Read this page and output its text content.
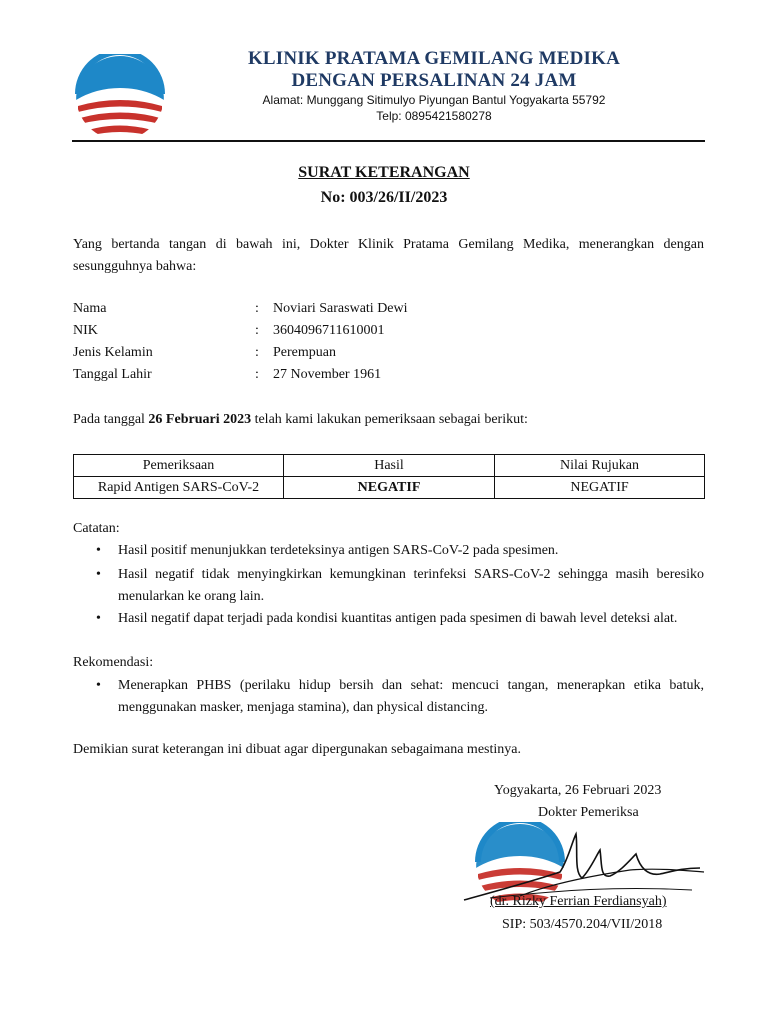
KLINIK PRATAMA GEMILANG MEDIKA
DENGAN PERSALINAN 24 JAM
Alamat: Munggang Sitimulyo Piyungan Bantul Yogyakarta 55792
Telp: 0895421580278
SURAT KETERANGAN
No: 003/26/II/2023
Yang bertanda tangan di bawah ini, Dokter Klinik Pratama Gemilang Medika, menerangkan dengan sesungguhnya bahwa:
Nama	: Noviari Saraswati Dewi
NIK	: 3604096711610001
Jenis Kelamin	: Perempuan
Tanggal Lahir	: 27 November 1961
Pada tanggal 26 Februari 2023 telah kami lakukan pemeriksaan sebagai berikut:
Pemeriksaan	Hasil	Nilai Rujukan
Rapid Antigen SARS-CoV-2	NEGATIF	NEGATIF
Catatan:
• Hasil positif menunjukkan terdeteksinya antigen SARS-CoV-2 pada spesimen.
• Hasil negatif tidak menyingkirkan kemungkinan terinfeksi SARS-CoV-2 sehingga masih beresiko menularkan ke orang lain.
• Hasil negatif dapat terjadi pada kondisi kuantitas antigen pada spesimen di bawah level deteksi alat.
Rekomendasi:
• Menerapkan PHBS (perilaku hidup bersih dan sehat: mencuci tangan, menerapkan etika batuk, menggunakan masker, menjaga stamina), dan physical distancing.
Demikian surat keterangan ini dibuat agar dipergunakan sebagaimana mestinya.
Yogyakarta, 26 Februari 2023
Dokter Pemeriksa
(dr. Rizky Ferrian Ferdiansyah)
SIP: 503/4570.204/VII/2018
